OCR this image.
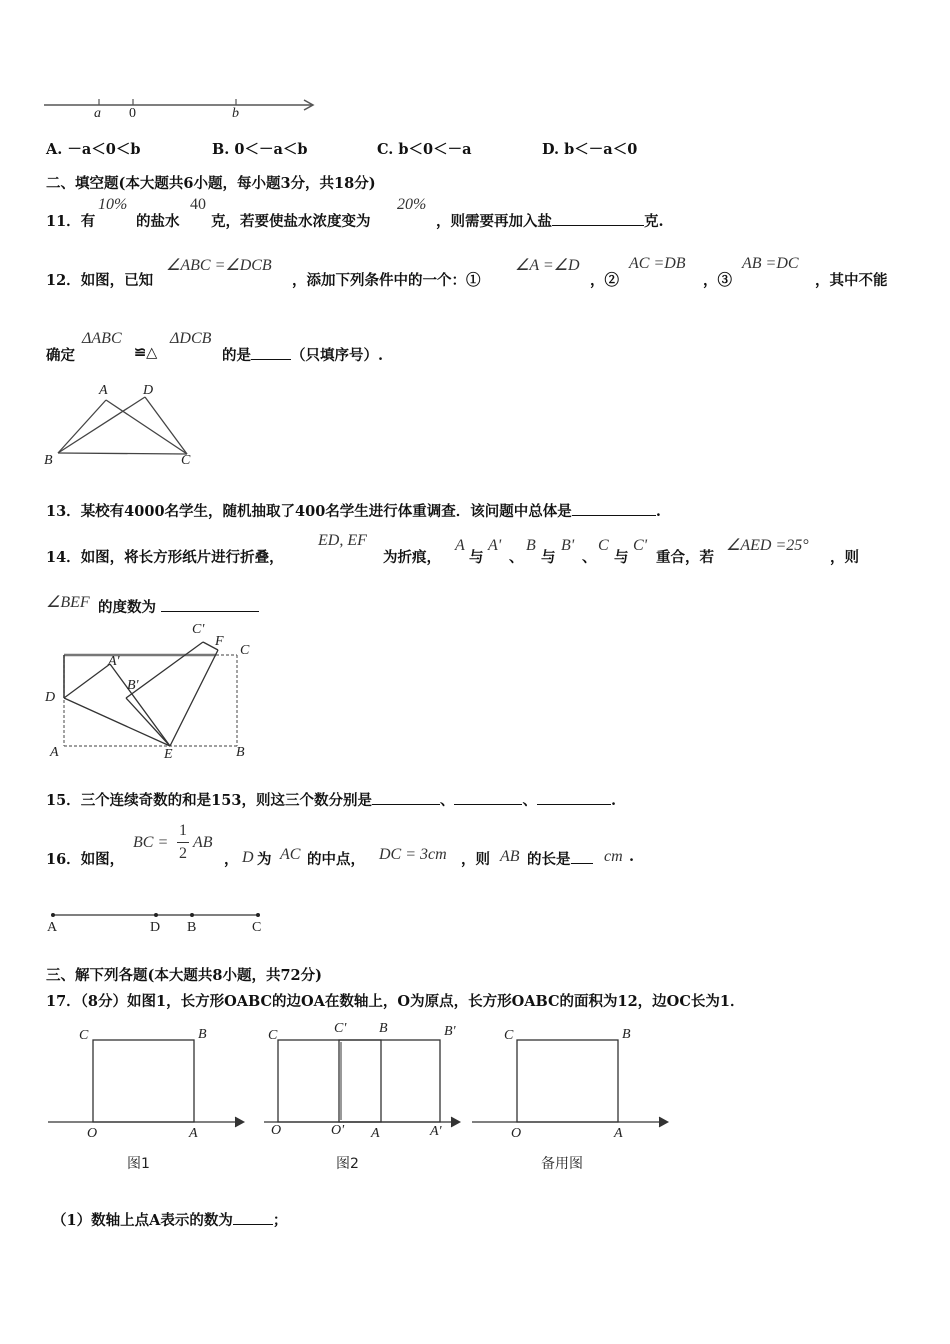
a 0	b
A. －a＜0＜b	B. 0＜－a＜b	C. b＜0＜－a	D. b＜－a＜0
二、填空题(本大题共6小题，每小题3分，共18分)
11．有
10%
的盐水
40
克，若要使盐水浓度变为
20%
，则需要再加入盐	克.
12．如图，已知
∠ABC =∠DCB
，添加下列条件中的一个：①
∠A =∠D
，②
AC =DB
，③
AB =DC
，其中不能
确定
ΔABC
≌△
ΔDCB
的是	（只填序号）.
A	D
B	C
13．某校有4000名学生，随机抽取了400名学生进行体重调查．该问题中总体是	.
14．如图，将长方形纸片进行折叠，
ED, EF
为折痕，
A
与
A'
、
B
与
B'
、
C
与
C'
重合，若
∠AED =25°
，则
∠BEF 的度数为
C'
F
C
A'
B'
D
A	E	B
15．三个连续奇数的和是153，则这三个数分别是	、	、	.
16．如图，
BC =
1
2
AB
， D 为 AC 的中点， DC = 3cm ，则 AB 的长是	cm .
A	D B	C
三、解下列各题(本大题共8小题，共72分)
17．（8分）如图1，长方形OABC的边OA在数轴上，O为原点，长方形OABC的面积为12，边OC长为1．
C	B
O	A
图1
C	C' B	B'
O	O' A	A'
图2
C	B
O	A
备用图
（1）数轴上点A表示的数为	；
